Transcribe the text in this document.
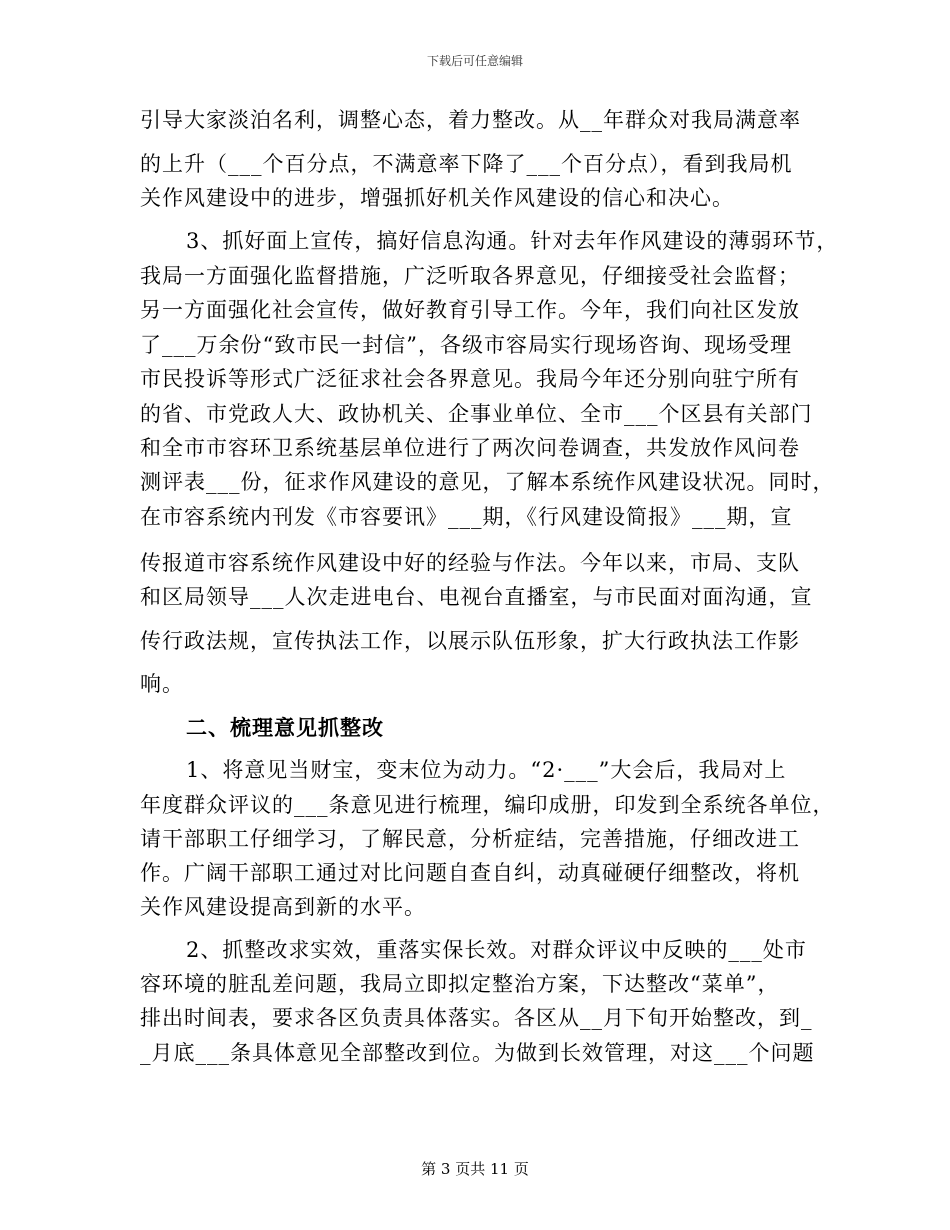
下载后可任意编辑
引导大家淡泊名利，调整心态，着力整改。从__年群众对我局满意率
的上升（___个百分点，不满意率下降了___个百分点），看到我局机
关作风建设中的进步，增强抓好机关作风建设的信心和决心。
3、抓好面上宣传，搞好信息沟通。针对去年作风建设的薄弱环节，
我局一方面强化监督措施，广泛听取各界意见，仔细接受社会监督；
另一方面强化社会宣传，做好教育引导工作。今年，我们向社区发放
了___万余份“致市民一封信”，各级市容局实行现场咨询、现场受理
市民投诉等形式广泛征求社会各界意见。我局今年还分别向驻宁所有
的省、市党政人大、政协机关、企事业单位、全市___个区县有关部门
和全市市容环卫系统基层单位进行了两次问卷调查，共发放作风问卷
测评表___份，征求作风建设的意见，了解本系统作风建设状况。同时，
在市容系统内刊发《市容要讯》___期，《行风建设简报》___期，宣
传报道市容系统作风建设中好的经验与作法。今年以来，市局、支队
和区局领导___人次走进电台、电视台直播室，与市民面对面沟通，宣
传行政法规，宣传执法工作，以展示队伍形象，扩大行政执法工作影
响。
二、梳理意见抓整改
1、将意见当财宝，变末位为动力。“2·___”大会后，我局对上
年度群众评议的___条意见进行梳理，编印成册，印发到全系统各单位，
请干部职工仔细学习，了解民意，分析症结，完善措施，仔细改进工
作。广阔干部职工通过对比问题自查自纠，动真碰硬仔细整改，将机
关作风建设提高到新的水平。
2、抓整改求实效，重落实保长效。对群众评议中反映的___处市
容环境的脏乱差问题，我局立即拟定整治方案，下达整改“菜单”，
排出时间表，要求各区负责具体落实。各区从__月下旬开始整改，到_
_月底___条具体意见全部整改到位。为做到长效管理，对这___个问题
第 3 页共 11 页
